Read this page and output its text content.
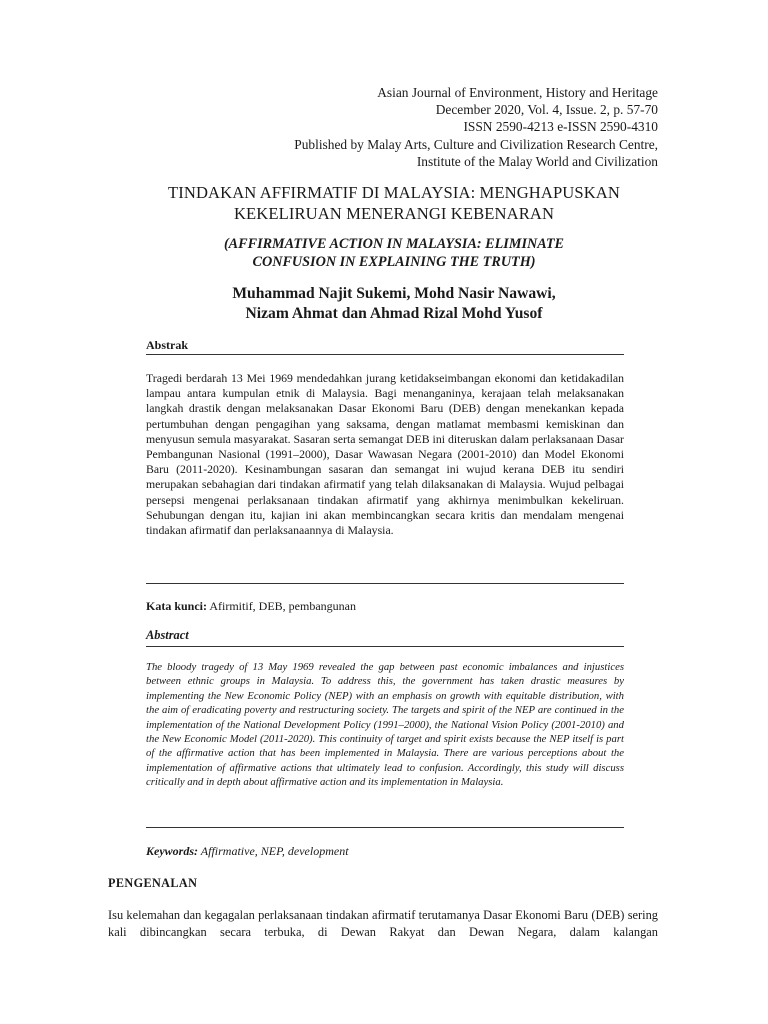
Asian Journal of Environment, History and Heritage
December 2020, Vol. 4, Issue. 2, p. 57-70
ISSN 2590-4213 e-ISSN 2590-4310
Published by Malay Arts, Culture and Civilization Research Centre,
Institute of the Malay World and Civilization
TINDAKAN AFFIRMATIF DI MALAYSIA: MENGHAPUSKAN
KEKELIRUAN MENERANGI KEBENARAN
(AFFIRMATIVE ACTION IN MALAYSIA: ELIMINATE
CONFUSION IN EXPLAINING THE TRUTH)
Muhammad Najit Sukemi, Mohd Nasir Nawawi,
Nizam Ahmat dan Ahmad Rizal Mohd Yusof
Abstrak
Tragedi berdarah 13 Mei 1969 mendedahkan jurang ketidakseimbangan ekonomi dan ketidakadilan lampau antara kumpulan etnik di Malaysia. Bagi menanganinya, kerajaan telah melaksanakan langkah drastik dengan melaksanakan Dasar Ekonomi Baru (DEB) dengan menekankan kepada pertumbuhan dengan pengagihan yang saksama, dengan matlamat membasmi kemiskinan dan menyusun semula masyarakat. Sasaran serta semangat DEB ini diteruskan dalam perlaksanaan Dasar Pembangunan Nasional (1991–2000), Dasar Wawasan Negara (2001-2010) dan Model Ekonomi Baru (2011-2020). Kesinambungan sasaran dan semangat ini wujud kerana DEB itu sendiri merupakan sebahagian dari tindakan afirmatif yang telah dilaksanakan di Malaysia. Wujud pelbagai persepsi mengenai perlaksanaan tindakan afirmatif yang akhirnya menimbulkan kekeliruan. Sehubungan dengan itu, kajian ini akan membincangkan secara kritis dan mendalam mengenai tindakan afirmatif dan perlaksanaannya di Malaysia.
Kata kunci: Afirmitif, DEB, pembangunan
Abstract
The bloody tragedy of 13 May 1969 revealed the gap between past economic imbalances and injustices between ethnic groups in Malaysia. To address this, the government has taken drastic measures by implementing the New Economic Policy (NEP) with an emphasis on growth with equitable distribution, with the aim of eradicating poverty and restructuring society. The targets and spirit of the NEP are continued in the implementation of the National Development Policy (1991–2000), the National Vision Policy (2001-2010) and the New Economic Model (2011-2020). This continuity of target and spirit exists because the NEP itself is part of the affirmative action that has been implemented in Malaysia. There are various perceptions about the implementation of affirmative actions that ultimately lead to confusion. Accordingly, this study will discuss critically and in depth about affirmative action and its implementation in Malaysia.
Keywords: Affirmative, NEP, development
PENGENALAN
Isu kelemahan dan kegagalan perlaksanaan tindakan afirmatif terutamanya Dasar Ekonomi Baru (DEB) sering kali dibincangkan secara terbuka, di Dewan Rakyat dan Dewan Negara, dalam kalangan
